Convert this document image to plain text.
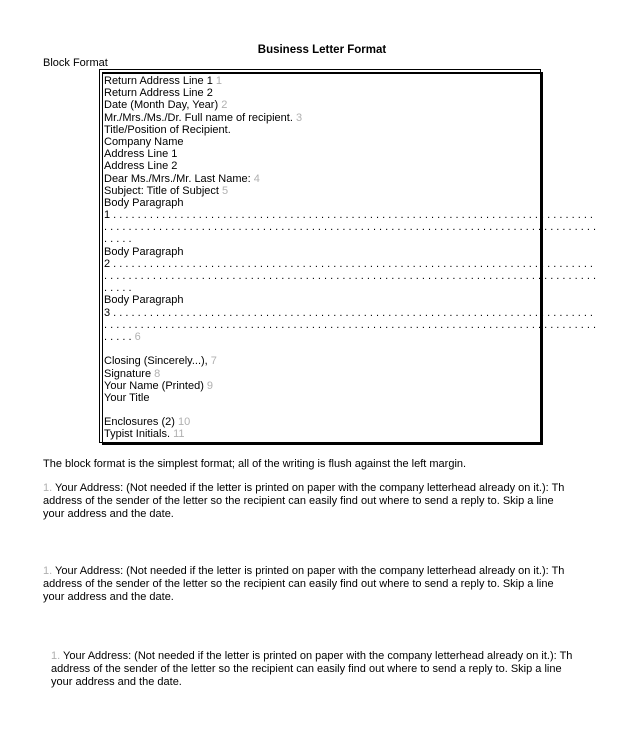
Business Letter Format
Block Format
Return Address Line 1 1
Return Address Line 2
Date (Month Day, Year) 2
Mr./Mrs./Ms./Dr. Full name of recipient. 3
Title/Position of Recipient.
Company Name
Address Line 1
Address Line 2
Dear Ms./Mrs./Mr. Last Name: 4
Subject: Title of Subject 5
Body Paragraph
1 . . . . . . . . . . . . . . . . . . . . . . . . . . . . . . . . . . . . . . . . . . . . . . . . . . . . . . . . . . . . . . . . . . . . . . . . . . . . . . .
. . . . . . . . . . . . . . . . . . . . . . . . . . . . . . . . . . . . . . . . . . . . . . . . . . . . . . . . . . . . . . . . . . . . . . . . . . . . . . . . .
. . . . .
Body Paragraph
2 . . . . . . . . . . . . . . . . . . . . . . . . . . . . . . . . . . . . . . . . . . . . . . . . . . . . . . . . . . . . . . . . . . . . . . . . . . . . . . .
. . . . . . . . . . . . . . . . . . . . . . . . . . . . . . . . . . . . . . . . . . . . . . . . . . . . . . . . . . . . . . . . . . . . . . . . . . . . . . . . .
. . . . .
Body Paragraph
3 . . . . . . . . . . . . . . . . . . . . . . . . . . . . . . . . . . . . . . . . . . . . . . . . . . . . . . . . . . . . . . . . . . . . . . . . . . . . . . .
. . . . . . . . . . . . . . . . . . . . . . . . . . . . . . . . . . . . . . . . . . . . . . . . . . . . . . . . . . . . . . . . . . . . . . . . . . . . . . . . .
. . . . . 6
Closing (Sincerely...), 7
Signature 8
Your Name (Printed) 9
Your Title
Enclosures (2) 10
Typist Initials. 11
The block format is the simplest format; all of the writing is flush against the left margin.
1. Your Address: (Not needed if the letter is printed on paper with the company letterhead already on it.): Th
address of the sender of the letter so the recipient can easily find out where to send a reply to. Skip a line
your address and the date.
1. Your Address: (Not needed if the letter is printed on paper with the company letterhead already on it.): Th
address of the sender of the letter so the recipient can easily find out where to send a reply to. Skip a line
your address and the date.
1. Your Address: (Not needed if the letter is printed on paper with the company letterhead already on it.): Th
address of the sender of the letter so the recipient can easily find out where to send a reply to. Skip a line
your address and the date.
